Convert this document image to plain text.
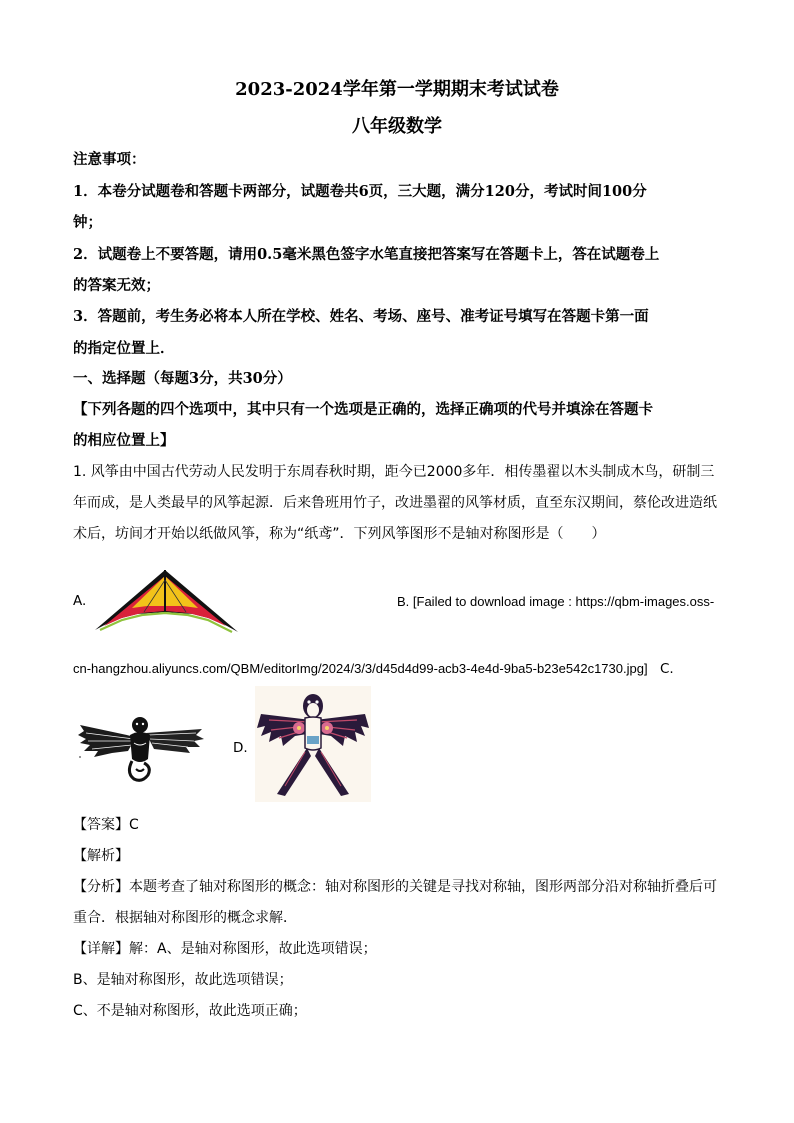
2023-2024学年第一学期期末考试试卷
八年级数学
注意事项：
1．本卷分试题卷和答题卡两部分，试题卷共6页，三大题，满分120分，考试时间100分
钟；
2．试题卷上不要答题，请用0.5毫米黑色签字水笔直接把答案写在答题卡上，答在试题卷上
的答案无效；
3．答题前，考生务必将本人所在学校、姓名、考场、座号、准考证号填写在答题卡第一面
的指定位置上．
一、选择题（每题3分，共30分）
【下列各题的四个选项中，其中只有一个选项是正确的，选择正确项的代号并填涂在答题卡
的相应位置上】
1. 风筝由中国古代劳动人民发明于东周春秋时期，距今已2000多年．相传墨翟以木头制成木鸟，研制三
年而成，是人类最早的风筝起源．后来鲁班用竹子，改进墨翟的风筝材质，直至东汉期间，蔡伦改进造纸
术后，坊间才开始以纸做风筝，称为“纸鸢”．下列风筝图形不是轴对称图形是（　　）
A.	B. [Failed to download image : https://qbm-images.oss-
cn-hangzhou.aliyuncs.com/QBM/editorImg/2024/3/3/d45d4d99-acb3-4e4d-9ba5-b23e542c1730.jpg] C.
D.
【答案】C
【解析】
【分析】本题考查了轴对称图形的概念：轴对称图形的关键是寻找对称轴，图形两部分沿对称轴折叠后可
重合．根据轴对称图形的概念求解．
【详解】解：A、是轴对称图形，故此选项错误；
B、是轴对称图形，故此选项错误；
C、不是轴对称图形，故此选项正确；
